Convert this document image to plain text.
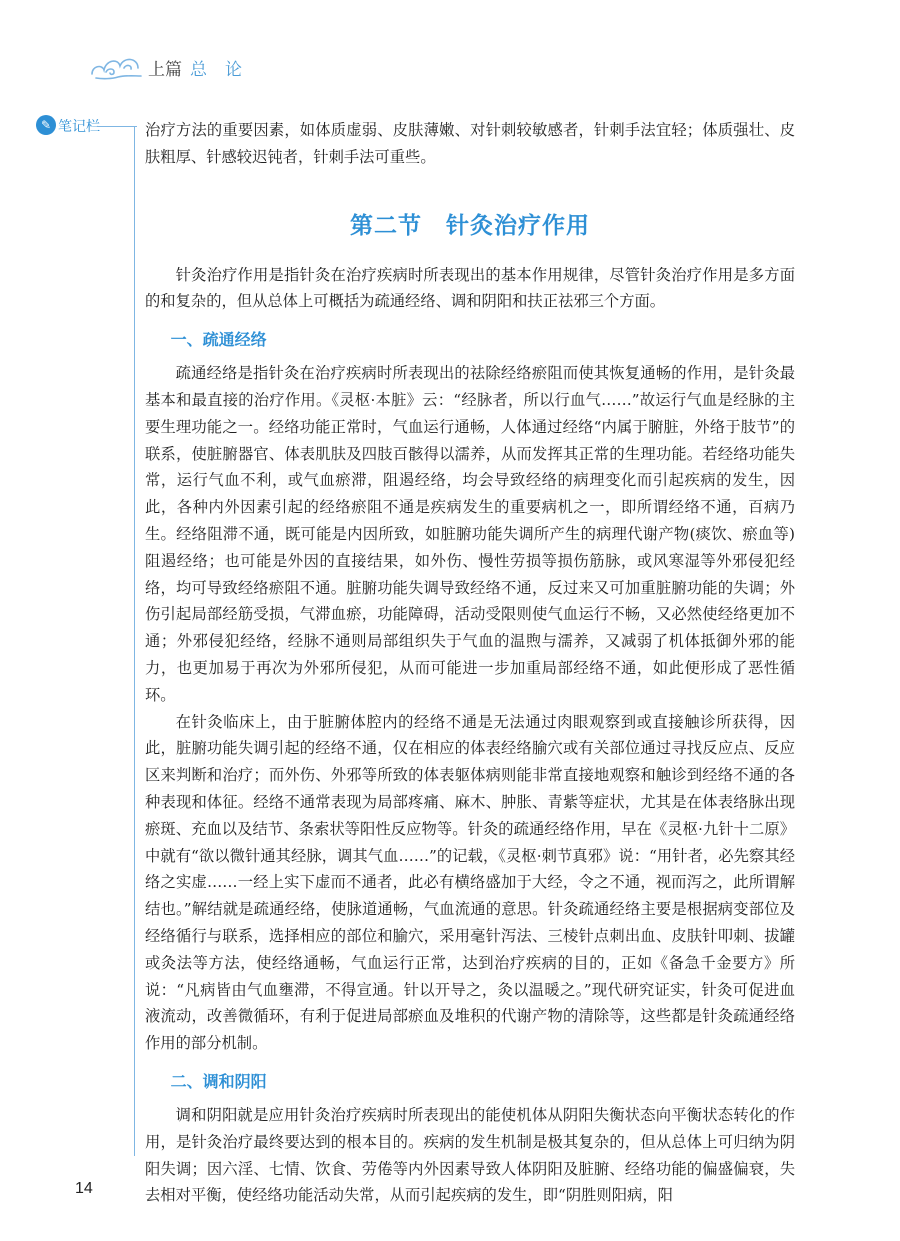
上篇 总论
✎ 笔记栏	治疗方法的重要因素，如体质虚弱、皮肤薄嫩、对针刺较敏感者，针刺手法宜轻；体质强壮、皮肤粗厚、针感较迟钝者，针刺手法可重些。

第二节　针灸治疗作用

针灸治疗作用是指针灸在治疗疾病时所表现出的基本作用规律，尽管针灸治疗作用是多方面的和复杂的，但从总体上可概括为疏通经络、调和阴阳和扶正祛邪三个方面。

一、疏通经络

疏通经络是指针灸在治疗疾病时所表现出的祛除经络瘀阻而使其恢复通畅的作用，是针灸最基本和最直接的治疗作用。《灵枢·本脏》云：“经脉者，所以行血气……”故运行气血是经脉的主要生理功能之一。经络功能正常时，气血运行通畅，人体通过经络“内属于腑脏，外络于肢节”的联系，使脏腑器官、体表肌肤及四肢百骸得以濡养，从而发挥其正常的生理功能。若经络功能失常，运行气血不利，或气血瘀滞，阻遏经络，均会导致经络的病理变化而引起疾病的发生，因此，各种内外因素引起的经络瘀阻不通是疾病发生的重要病机之一，即所谓经络不通，百病乃生。经络阻滞不通，既可能是内因所致，如脏腑功能失调所产生的病理代谢产物(痰饮、瘀血等)阻遏经络；也可能是外因的直接结果，如外伤、慢性劳损等损伤筋脉，或风寒湿等外邪侵犯经络，均可导致经络瘀阻不通。脏腑功能失调导致经络不通，反过来又可加重脏腑功能的失调；外伤引起局部经筋受损，气滞血瘀，功能障碍，活动受限则使气血运行不畅，又必然使经络更加不通；外邪侵犯经络，经脉不通则局部组织失于气血的温煦与濡养，又减弱了机体抵御外邪的能力，也更加易于再次为外邪所侵犯，从而可能进一步加重局部经络不通，如此便形成了恶性循环。

在针灸临床上，由于脏腑体腔内的经络不通是无法通过肉眼观察到或直接触诊所获得，因此，脏腑功能失调引起的经络不通，仅在相应的体表经络腧穴或有关部位通过寻找反应点、反应区来判断和治疗；而外伤、外邪等所致的体表躯体病则能非常直接地观察和触诊到经络不通的各种表现和体征。经络不通常表现为局部疼痛、麻木、肿胀、青紫等症状，尤其是在体表络脉出现瘀斑、充血以及结节、条索状等阳性反应物等。针灸的疏通经络作用，早在《灵枢·九针十二原》中就有“欲以微针通其经脉，调其气血……”的记载，《灵枢·刺节真邪》说：“用针者，必先察其经络之实虚……一经上实下虚而不通者，此必有横络盛加于大经，令之不通，视而泻之，此所谓解结也。”解结就是疏通经络，使脉道通畅，气血流通的意思。针灸疏通经络主要是根据病变部位及经络循行与联系，选择相应的部位和腧穴，采用毫针泻法、三棱针点刺出血、皮肤针叩刺、拔罐或灸法等方法，使经络通畅，气血运行正常，达到治疗疾病的目的，正如《备急千金要方》所说：“凡病皆由气血壅滞，不得宣通。针以开导之，灸以温暖之。”现代研究证实，针灸可促进血液流动，改善微循环，有利于促进局部瘀血及堆积的代谢产物的清除等，这些都是针灸疏通经络作用的部分机制。

二、调和阴阳

调和阴阳就是应用针灸治疗疾病时所表现出的能使机体从阴阳失衡状态向平衡状态转化的作用，是针灸治疗最终要达到的根本目的。疾病的发生机制是极其复杂的，但从总体上可归纳为阴阳失调；因六淫、七情、饮食、劳倦等内外因素导致人体阴阳及脏腑、经络功能的偏盛偏衰，失去相对平衡，使经络功能活动失常，从而引起疾病的发生，即“阴胜则阳病，阳

14
